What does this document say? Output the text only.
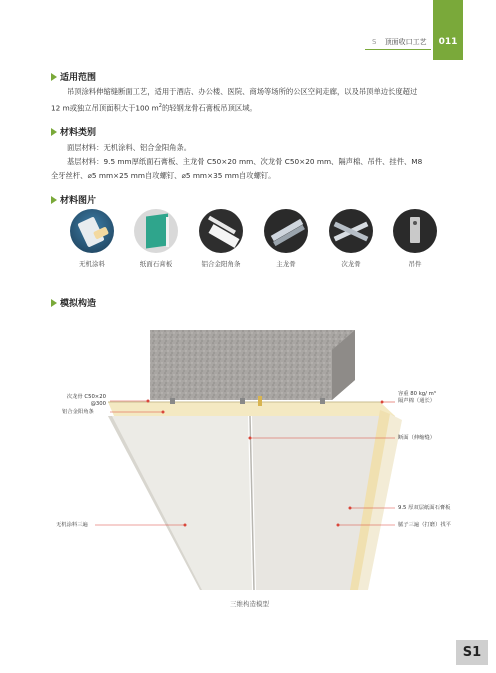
S 顶面收口工艺	011
适用范围
吊顶涂料伸缩缝断面工艺，适用于酒店、办公楼、医院、商场等场所的公区空间走廊，以及吊顶单边长度超过
12 m或独立吊顶面积大于100 $m^2$的轻钢龙骨石膏板吊顶区域。
材料类别
面层材料：无机涂料、铝合金阳角条。
基层材料：9.5 mm厚纸面石膏板、主龙骨 C50×20 mm、次龙骨 C50×20 mm、隔声棉、吊件、挂件、M8
全牙丝杆、⌀5 mm×25 mm自攻螺钉、⌀5 mm×35 mm自攻螺钉。
材料图片
无机涂料	纸面石膏板	铝合金阳角条	主龙骨	次龙骨	吊件
模拟构造
次龙骨 C50×20
@300
铝合金阳角条
容重 80 kg/ m³
隔声棉（通长）
断面（伸缩缝）
9.5 厚双层纸面石膏板
腻子三遍（打磨）找平
无机涂料三遍
三维构造模型
S1
